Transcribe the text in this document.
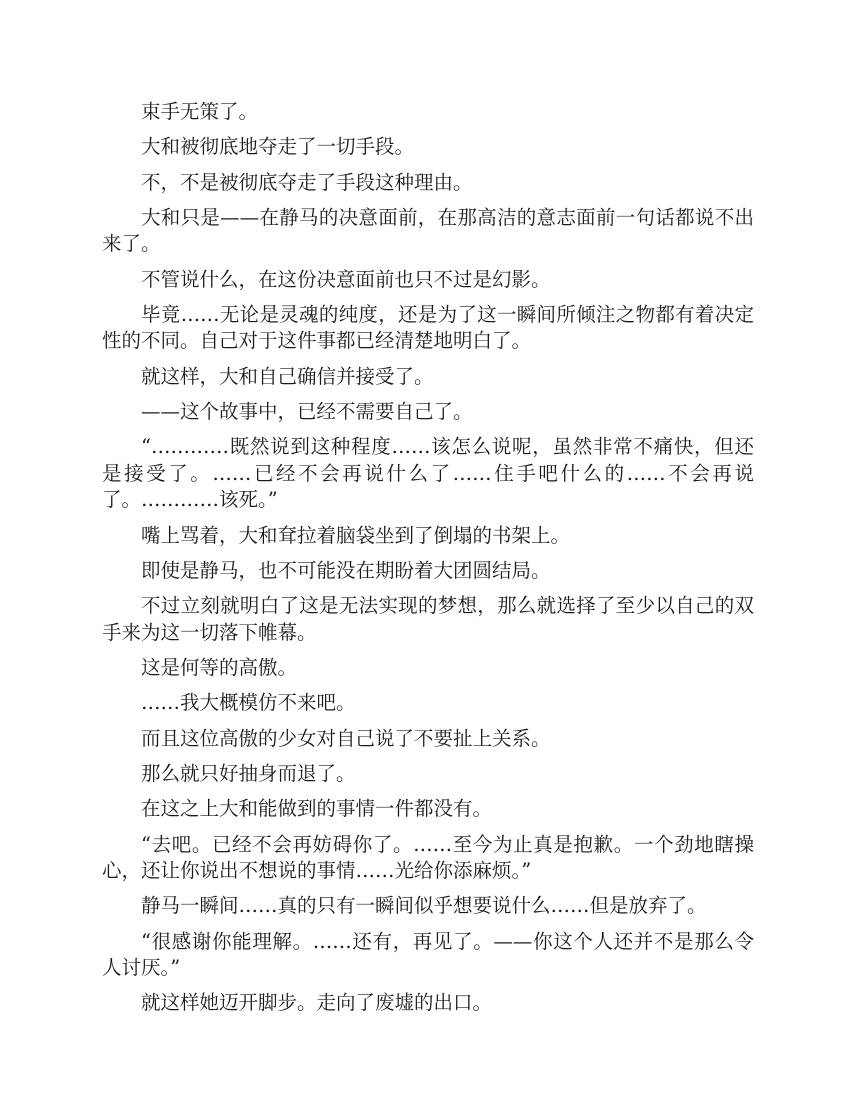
束手无策了。

大和被彻底地夺走了一切手段。

不，不是被彻底夺走了手段这种理由。

大和只是——在静马的决意面前，在那高洁的意志面前一句话都说不出来了。

不管说什么，在这份决意面前也只不过是幻影。

毕竟……无论是灵魂的纯度，还是为了这一瞬间所倾注之物都有着决定性的不同。自己对于这件事都已经清楚地明白了。

就这样，大和自己确信并接受了。

——这个故事中，已经不需要自己了。

“…………既然说到这种程度……该怎么说呢，虽然非常不痛快，但还是接受了。……已经不会再说什么了……住手吧什么的……不会再说了。…………该死。”

嘴上骂着，大和耷拉着脑袋坐到了倒塌的书架上。

即使是静马，也不可能没在期盼着大团圆结局。

不过立刻就明白了这是无法实现的梦想，那么就选择了至少以自己的双手来为这一切落下帷幕。

这是何等的高傲。

……我大概模仿不来吧。

而且这位高傲的少女对自己说了不要扯上关系。

那么就只好抽身而退了。

在这之上大和能做到的事情一件都没有。

“去吧。已经不会再妨碍你了。……至今为止真是抱歉。一个劲地瞎操心，还让你说出不想说的事情……光给你添麻烦。”

静马一瞬间……真的只有一瞬间似乎想要说什么……但是放弃了。

“很感谢你能理解。……还有，再见了。——你这个人还并不是那么令人讨厌。”

就这样她迈开脚步。走向了废墟的出口。
